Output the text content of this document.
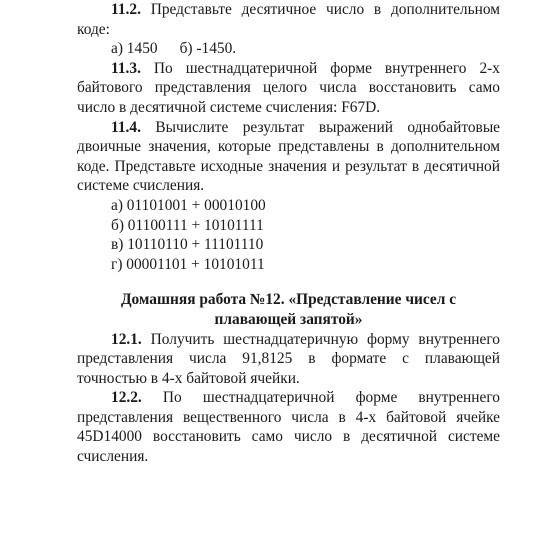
11.2. Представьте десятичное число в дополнительном коде:

а) 1450 б) -1450.

11.3. По шестнадцатеричной форме внутреннего 2-х байтового представления целого числа восстановить само число в десятичной системе счисления: F67D.

11.4. Вычислите результат выражений однобайтовые двоичные значения, которые представлены в дополнительном коде. Представьте исходные значения и результат в десятичной системе счисления.

а) 01101001 + 00010100

б) 01100111 + 10101111

в) 10110110 + 11101110

г) 00001101 + 10101011

Домашняя работа №12. «Представление чисел с

плавающей запятой»

12.1. Получить шестнадцатеричную форму внутреннего представления числа 91,8125 в формате с плавающей точностью в 4-х байтовой ячейки.

12.2. По шестнадцатеричной форме внутреннего представления вещественного числа в 4-х байтовой ячейке 45D14000 восстановить само число в десятичной системе счисления.
